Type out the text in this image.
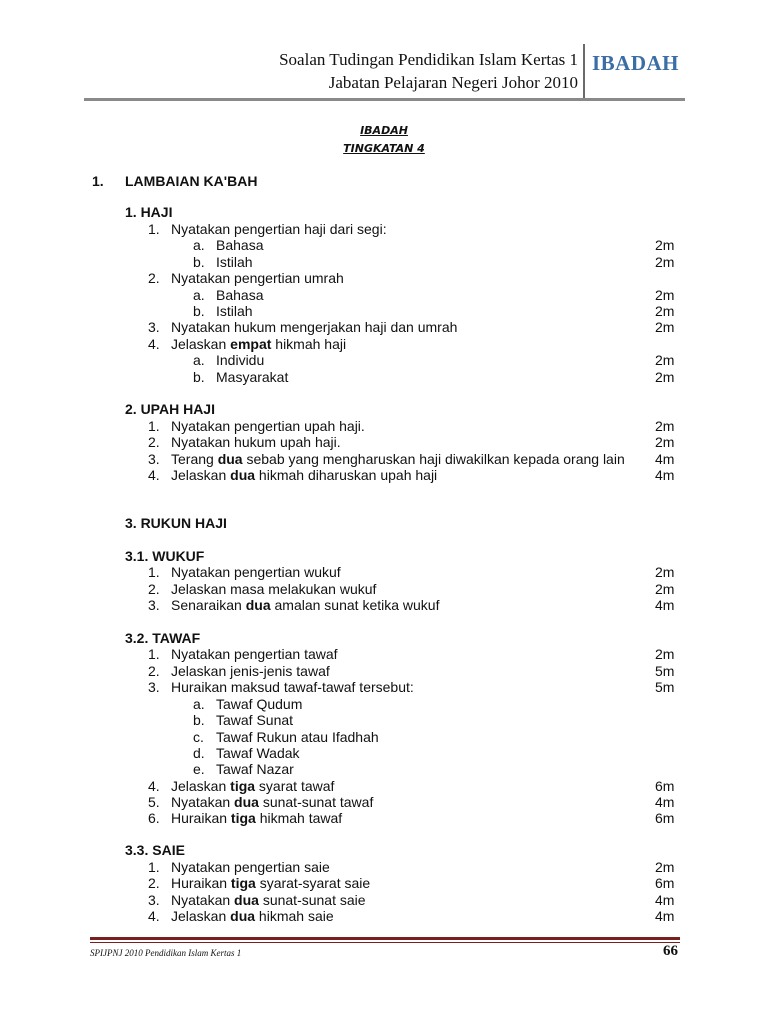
Soalan Tudingan Pendidikan Islam Kertas 1
Jabatan Pelajaran Negeri Johor 2010
IBADAH
IBADAH
TINGKATAN 4
1. LAMBAIAN KA'BAH
1. HAJI
1. Nyatakan pengertian haji dari segi:
a. Bahasa	2m
b. Istilah	2m
2. Nyatakan pengertian umrah
a. Bahasa	2m
b. Istilah	2m
3. Nyatakan hukum mengerjakan haji dan umrah	2m
4. Jelaskan empat hikmah haji
a. Individu	2m
b. Masyarakat	2m
2. UPAH HAJI
1. Nyatakan pengertian upah haji.	2m
2. Nyatakan hukum upah haji.	2m
3. Terang dua sebab yang mengharuskan haji diwakilkan kepada orang lain 4m
4. Jelaskan dua hikmah diharuskan upah haji	4m
3. RUKUN HAJI
3.1. WUKUF
1. Nyatakan pengertian wukuf	2m
2. Jelaskan masa melakukan wukuf	2m
3. Senaraikan dua amalan sunat ketika wukuf	4m
3.2. TAWAF
1. Nyatakan pengertian tawaf	2m
2. Jelaskan jenis-jenis tawaf	5m
3. Huraikan maksud tawaf-tawaf tersebut:	5m
a. Tawaf Qudum
b. Tawaf Sunat
c. Tawaf Rukun atau Ifadhah
d. Tawaf Wadak
e. Tawaf Nazar
4. Jelaskan tiga syarat tawaf	6m
5. Nyatakan dua sunat-sunat tawaf	4m
6. Huraikan tiga hikmah tawaf	6m
3.3. SAIE
1. Nyatakan pengertian saie	2m
2. Huraikan tiga syarat-syarat saie	6m
3. Nyatakan dua sunat-sunat saie	4m
4. Jelaskan dua hikmah saie	4m
SPIJPNJ 2010 Pendidikan Islam Kertas 1	66
